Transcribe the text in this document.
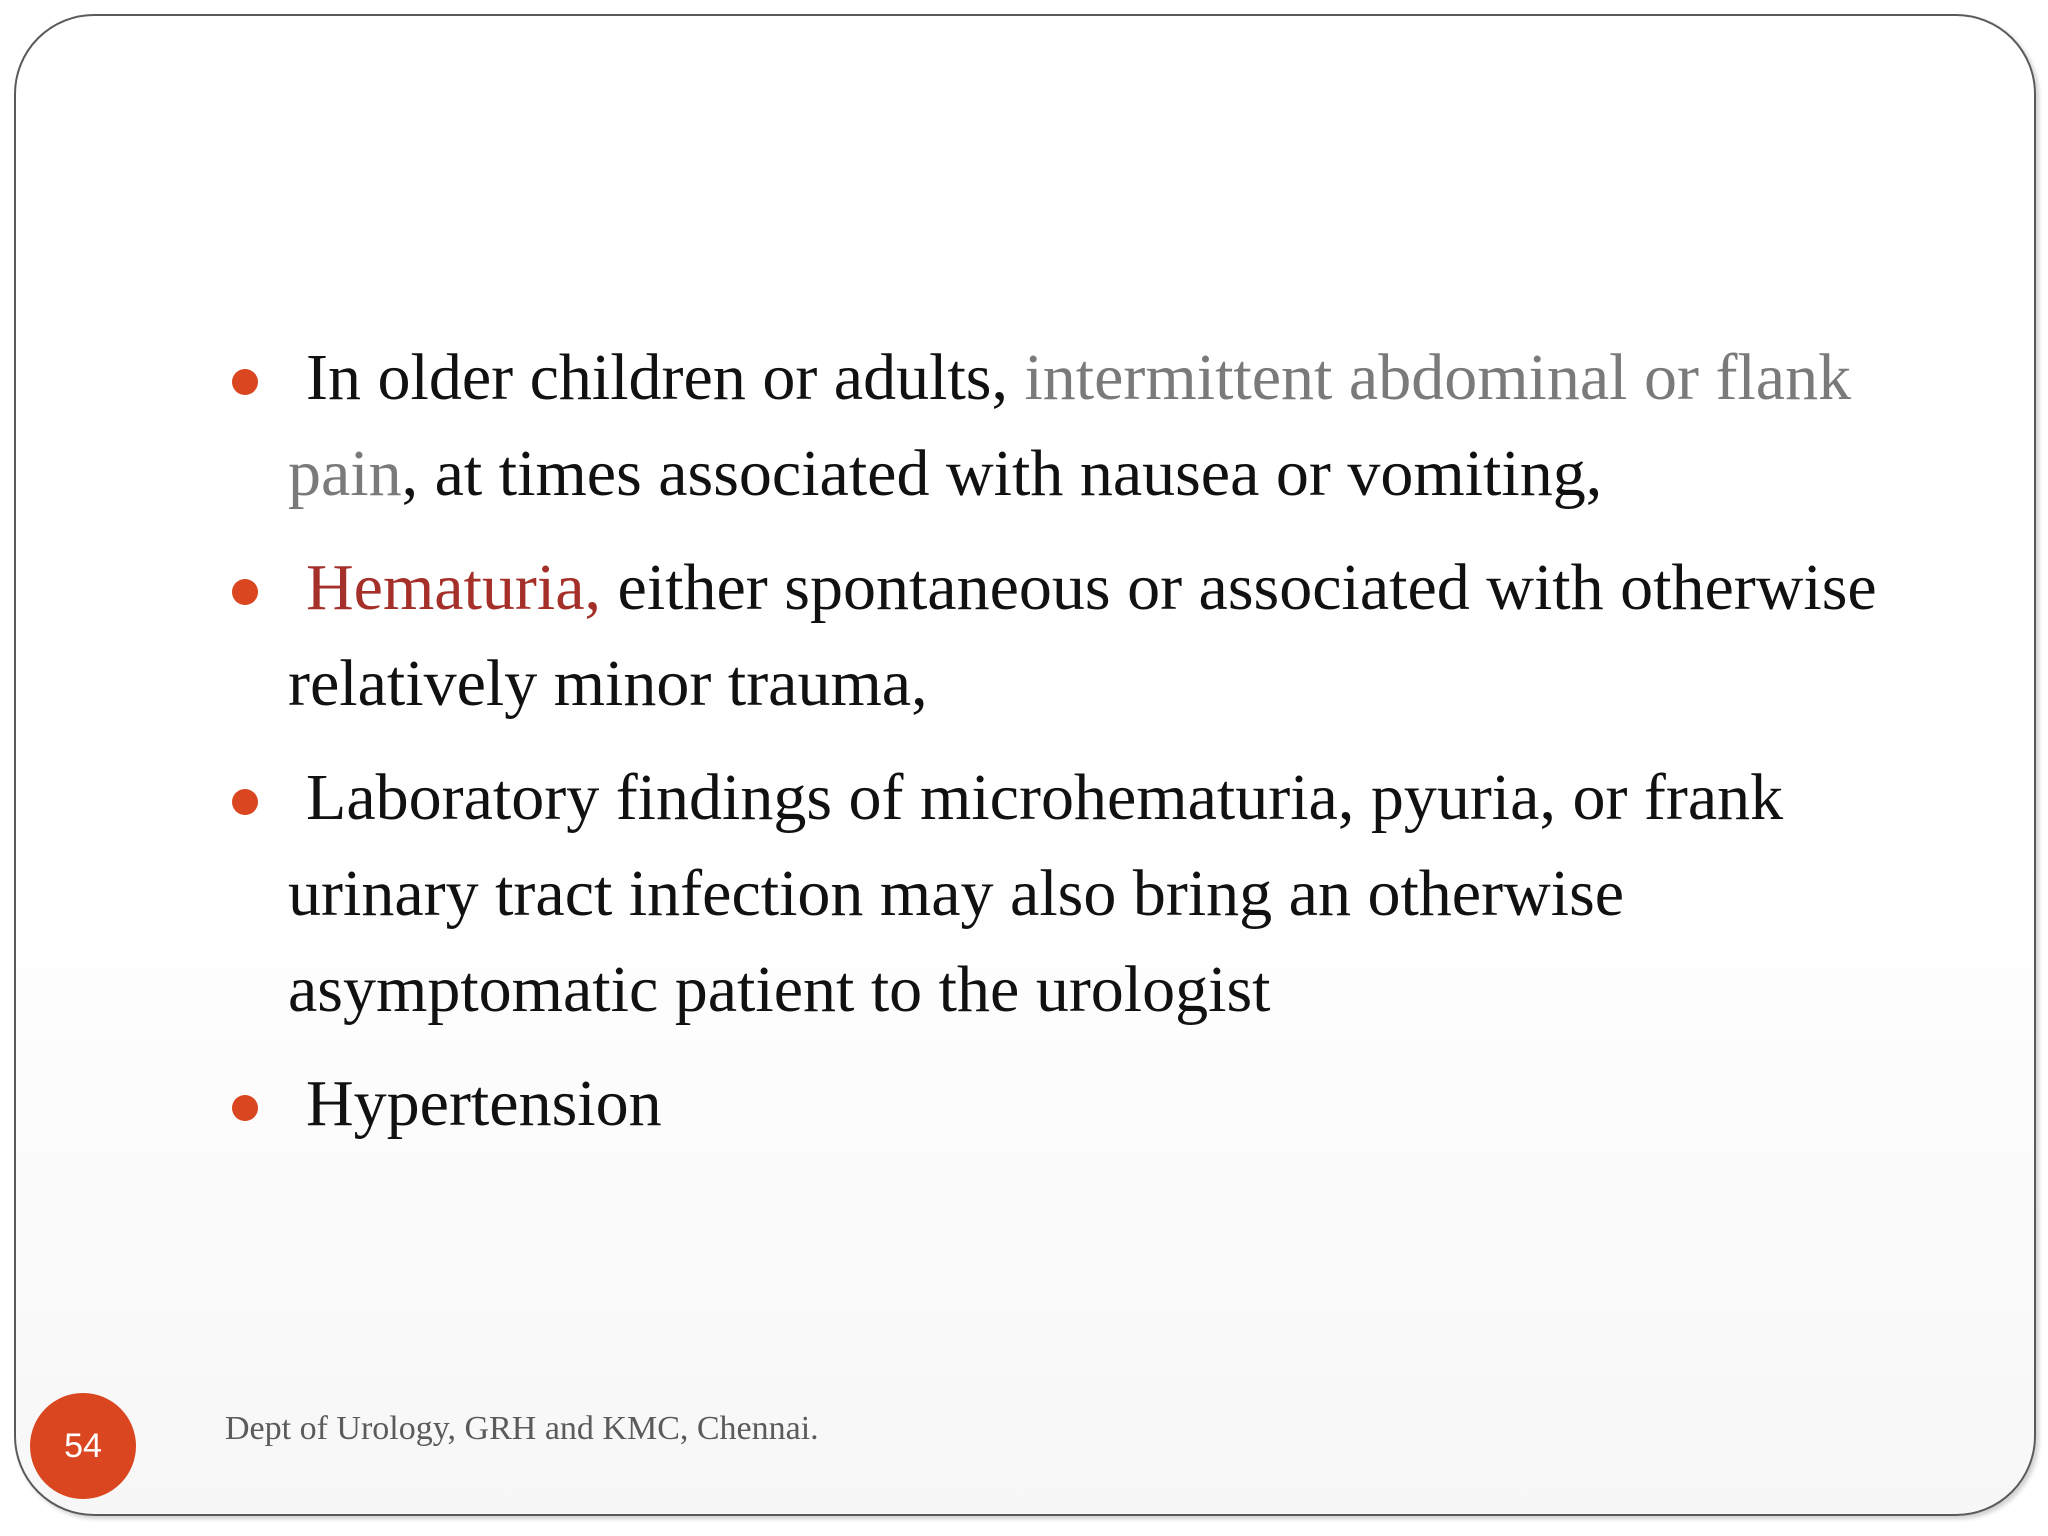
In older children or adults, intermittent abdominal or flank pain, at times associated with nausea or vomiting,
Hematuria, either spontaneous or associated with otherwise relatively minor trauma,
Laboratory findings of microhematuria, pyuria, or frank urinary tract infection may also bring an otherwise asymptomatic patient to the urologist
Hypertension
54	Dept of Urology, GRH and KMC, Chennai.
